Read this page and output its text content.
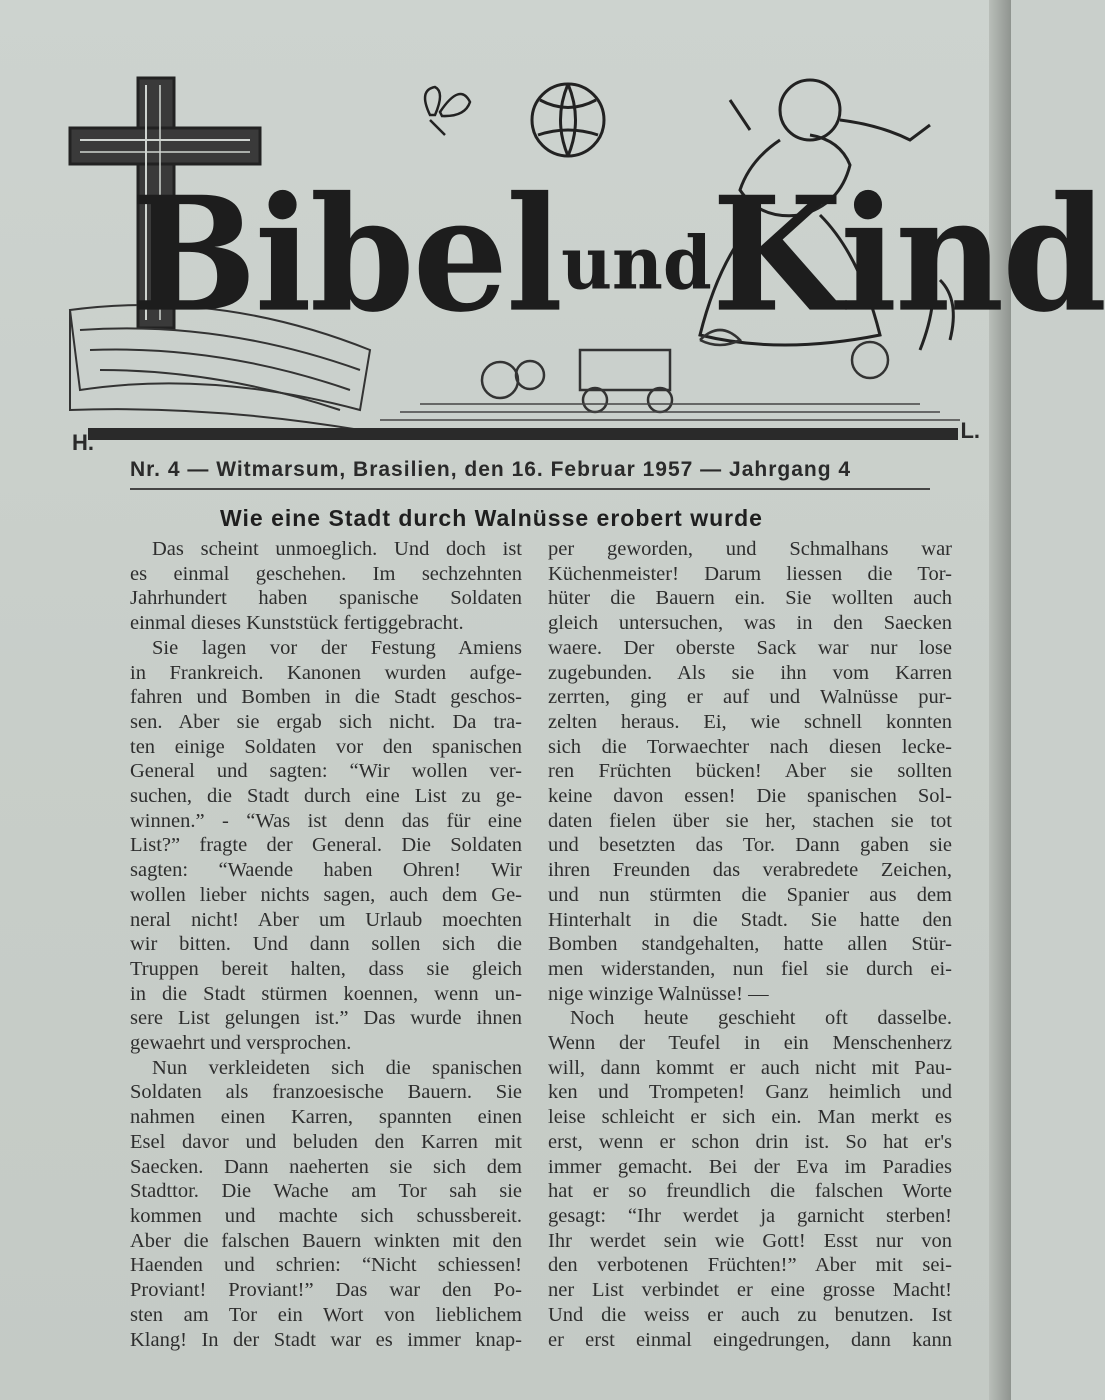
BibelundKind
H.	L.
Nr. 4 — Witmarsum, Brasilien, den 16. Februar 1957 — Jahrgang 4
Wie eine Stadt durch Walnüsse erobert wurde
Das scheint unmoeglich. Und doch ist
es einmal geschehen. Im sechzehnten
Jahrhundert haben spanische Soldaten
einmal dieses Kunststück fertiggebracht.
Sie lagen vor der Festung Amiens
in Frankreich. Kanonen wurden aufge-
fahren und Bomben in die Stadt geschos-
sen. Aber sie ergab sich nicht. Da tra-
ten einige Soldaten vor den spanischen
General und sagten: “Wir wollen ver-
suchen, die Stadt durch eine List zu ge-
winnen.” - “Was ist denn das für eine
List?” fragte der General. Die Soldaten
sagten: “Waende haben Ohren! Wir
wollen lieber nichts sagen, auch dem Ge-
neral nicht! Aber um Urlaub moechten
wir bitten. Und dann sollen sich die
Truppen bereit halten, dass sie gleich
in die Stadt stürmen koennen, wenn un-
sere List gelungen ist.” Das wurde ihnen
gewaehrt und versprochen.
Nun verkleideten sich die spanischen
Soldaten als franzoesische Bauern. Sie
nahmen einen Karren, spannten einen
Esel davor und beluden den Karren mit
Saecken. Dann naeherten sie sich dem
Stadttor. Die Wache am Tor sah sie
kommen und machte sich schussbereit.
Aber die falschen Bauern winkten mit den
Haenden und schrien: “Nicht schiessen!
Proviant! Proviant!” Das war den Po-
sten am Tor ein Wort von lieblichem
Klang! In der Stadt war es immer knap-
per geworden, und Schmalhans war
Küchenmeister! Darum liessen die Tor-
hüter die Bauern ein. Sie wollten auch
gleich untersuchen, was in den Saecken
waere. Der oberste Sack war nur lose
zugebunden. Als sie ihn vom Karren
zerrten, ging er auf und Walnüsse pur-
zelten heraus. Ei, wie schnell konnten
sich die Torwaechter nach diesen lecke-
ren Früchten bücken! Aber sie sollten
keine davon essen! Die spanischen Sol-
daten fielen über sie her, stachen sie tot
und besetzten das Tor. Dann gaben sie
ihren Freunden das verabredete Zeichen,
und nun stürmten die Spanier aus dem
Hinterhalt in die Stadt. Sie hatte den
Bomben standgehalten, hatte allen Stür-
men widerstanden, nun fiel sie durch ei-
nige winzige Walnüsse! —
Noch heute geschieht oft dasselbe.
Wenn der Teufel in ein Menschenherz
will, dann kommt er auch nicht mit Pau-
ken und Trompeten! Ganz heimlich und
leise schleicht er sich ein. Man merkt es
erst, wenn er schon drin ist. So hat er's
immer gemacht. Bei der Eva im Paradies
hat er so freundlich die falschen Worte
gesagt: “Ihr werdet ja garnicht sterben!
Ihr werdet sein wie Gott! Esst nur von
den verbotenen Früchten!” Aber mit sei-
ner List verbindet er eine grosse Macht!
Und die weiss er auch zu benutzen. Ist
er erst einmal eingedrungen, dann kann
